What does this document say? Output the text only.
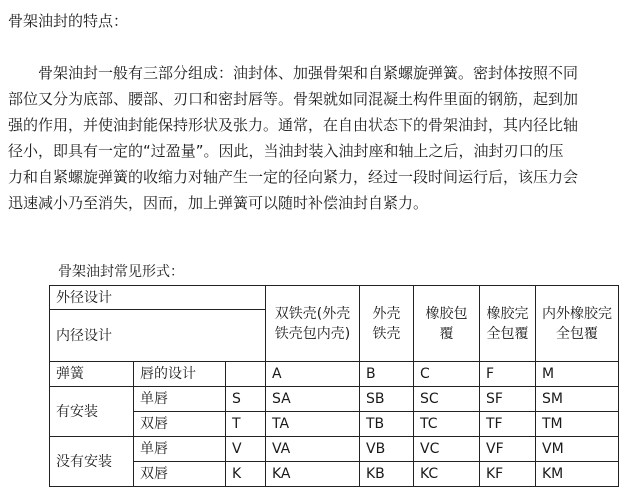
骨架油封的特点：
　　骨架油封一般有三部分组成：油封体、加强骨架和自紧螺旋弹簧。密封体按照不同
部位又分为底部、腰部、刃口和密封唇等。骨架就如同混凝土构件里面的钢筋，起到加
强的作用，并使油封能保持形状及张力。通常，在自由状态下的骨架油封，其内径比轴
径小，即具有一定的“过盈量”。因此，当油封装入油封座和轴上之后，油封刃口的压
力和自紧螺旋弹簧的收缩力对轴产生一定的径向紧力，经过一段时间运行后，该压力会
迅速减小乃至消失，因而，加上弹簧可以随时补偿油封自紧力。
骨架油封常见形式：
外径设计			双铁壳(外壳铁壳包内壳)	外壳铁壳	橡胶包覆	橡胶完全包覆	内外橡胶完全包覆
内径设计							
弹簧	唇的设计		A	B	C	F	M
有安装	单唇	S	SA	SB	SC	SF	SM
	双唇	T	TA	TB	TC	TF	TM
没有安装	单唇	V	VA	VB	VC	VF	VM
	双唇	K	KA	KB	KC	KF	KM
